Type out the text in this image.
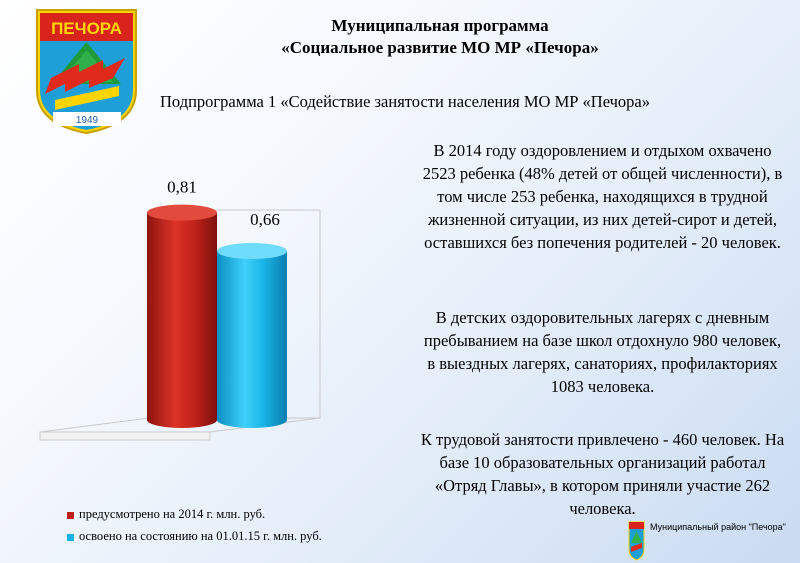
ПЕЧОРА
1949
Муниципальная программа
«Социальное развитие МО МР «Печора»
Подпрограмма 1 «Содействие занятости населения МО МР «Печора»
0,81
0,66
предусмотрено на 2014 г. млн. руб.
освоено на состоянию на 01.01.15 г. млн. руб.
В 2014 году оздоровлением и отдыхом охвачено 2523 ребенка (48% детей от общей численности), в том числе 253 ребенка, находящихся в трудной жизненной ситуации, из них детей-сирот и детей, оставшихся без попечения родителей - 20 человек.
В детских оздоровительных лагерях с дневным пребыванием на базе школ отдохнуло 980 человек, в выездных лагерях, санаториях, профилакториях 1083 человека.
К трудовой занятости привлечено - 460 человек. На базе 10 образовательных организаций работал «Отряд Главы», в котором приняли участие 262 человека.
Муниципальный район "Печора"
